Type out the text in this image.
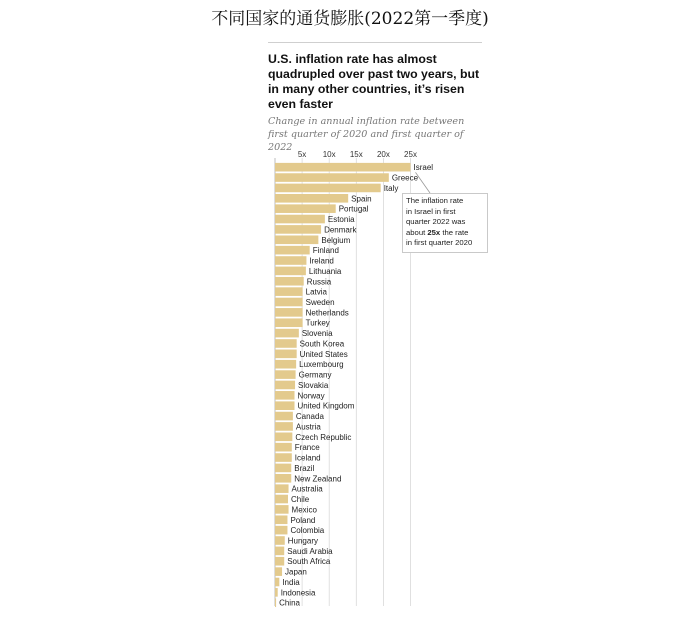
不同国家的通货膨胀(2022第一季度)
U.S. inflation rate has almost quadrupled over past two years, but in many other countries, it’s risen even faster
Change in annual inflation rate between first quarter of 2020 and first quarter of 2022
5x 10x 15x 20x 25x
Israel
Greece
Italy
Spain
Portugal
Estonia
Denmark
Belgium
Finland
Ireland
Lithuania
Russia
Latvia
Sweden
Netherlands
Turkey
Slovenia
South Korea
United States
Luxembourg
Germany
Slovakia
Norway
United Kingdom
Canada
Austria
Czech Republic
France
Iceland
Brazil
New Zealand
Australia
Chile
Mexico
Poland
Colombia
Hungary
Saudi Arabia
South Africa
Japan
India
Indonesia
China
The inflation rate
in Israel in first
quarter 2022 was
about 25x the rate
in first quarter 2020
